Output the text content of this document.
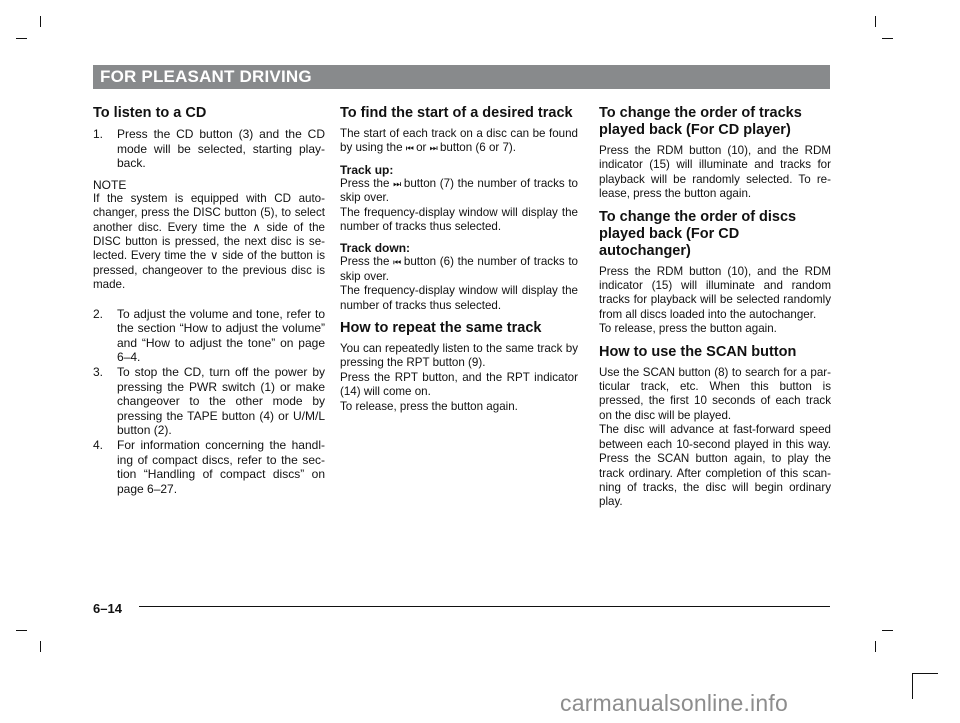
FOR PLEASANT DRIVING
To listen to a CD
1.	Press the CD button (3) and the CD mode will be selected, starting play-back.
NOTE

If the system is equipped with CD auto-changer, press the DISC button (5), to select another disc. Every time the ∧ side of the DISC button is pressed, the next disc is se-lected. Every time the ∨ side of the button is pressed, changeover to the previous disc is made.

2.	To adjust the volume and tone, refer to the section “How to adjust the volume” and “How to adjust the tone” on page 6–4.
3.	To stop the CD, turn off the power by pressing the PWR switch (1) or make changeover to the other mode by pressing the TAPE button (4) or U/M/L button (2).
4.	For information concerning the handl-ing of compact discs, refer to the sec-tion “Handling of compact discs” on page 6–27.
To find the start of a desired track

The start of each track on a disc can be found by using the ⏮ or ⏭ button (6 or 7).

Track up:

Press the ⏭ button (7) the number of tracks to skip over.

The frequency-display window will display the number of tracks thus selected.

Track down:

Press the ⏮ button (6) the number of tracks to skip over.

The frequency-display window will display the number of tracks thus selected.

How to repeat the same track

You can repeatedly listen to the same track by pressing the RPT button (9).

Press the RPT button, and the RPT indicator (14) will come on.

To release, press the button again.

To change the order of tracks played back (For CD player)

Press the RDM button (10), and the RDM indicator (15) will illuminate and tracks for playback will be randomly selected. To re-lease, press the button again.

To change the order of discs played back (For CD autochanger)

Press the RDM button (10), and the RDM indicator (15) will illuminate and random tracks for playback will be selected randomly from all discs loaded into the autochanger.

To release, press the button again.

How to use the SCAN button

Use the SCAN button (8) to search for a par-ticular track, etc. When this button is pressed, the first 10 seconds of each track on the disc will be played.

The disc will advance at fast-forward speed between each 10-second played in this way. Press the SCAN button again, to play the track ordinary. After completion of this scan-ning of tracks, the disc will begin ordinary play.

6–14
carmanualsonline.info
